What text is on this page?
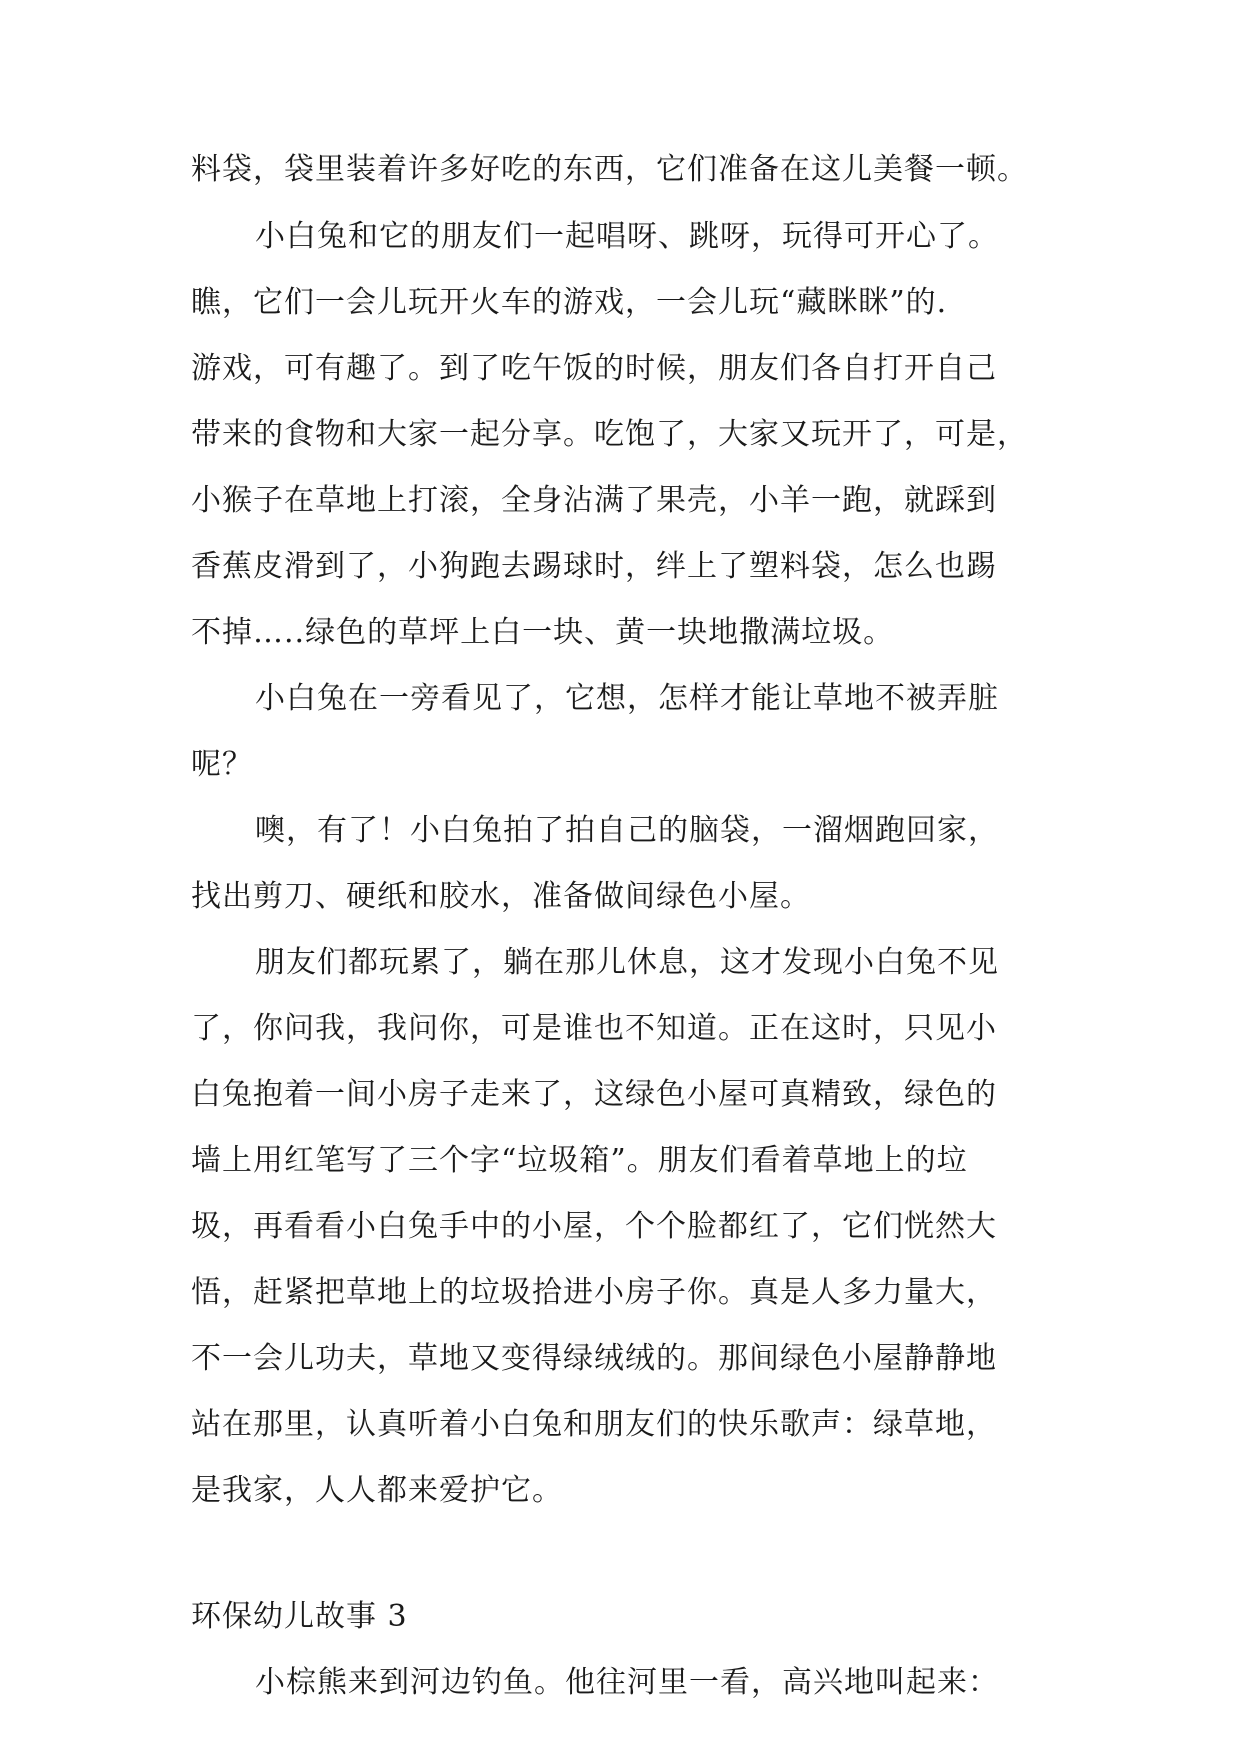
料袋，袋里装着许多好吃的东西，它们准备在这儿美餐一顿。
小白兔和它的朋友们一起唱呀、跳呀，玩得可开心了。
瞧，它们一会儿玩开火车的游戏，一会儿玩“藏眯眯”的.
游戏，可有趣了。到了吃午饭的时候，朋友们各自打开自己
带来的食物和大家一起分享。吃饱了，大家又玩开了，可是，
小猴子在草地上打滚，全身沾满了果壳，小羊一跑，就踩到
香蕉皮滑到了，小狗跑去踢球时，绊上了塑料袋，怎么也踢
不掉…..绿色的草坪上白一块、黄一块地撒满垃圾。
小白兔在一旁看见了，它想，怎样才能让草地不被弄脏
呢？
噢，有了！小白兔拍了拍自己的脑袋，一溜烟跑回家，
找出剪刀、硬纸和胶水，准备做间绿色小屋。
朋友们都玩累了，躺在那儿休息，这才发现小白兔不见
了，你问我，我问你，可是谁也不知道。正在这时，只见小
白兔抱着一间小房子走来了，这绿色小屋可真精致，绿色的
墙上用红笔写了三个字“垃圾箱”。朋友们看着草地上的垃
圾，再看看小白兔手中的小屋，个个脸都红了，它们恍然大
悟，赶紧把草地上的垃圾拾进小房子你。真是人多力量大，
不一会儿功夫，草地又变得绿绒绒的。那间绿色小屋静静地
站在那里，认真听着小白兔和朋友们的快乐歌声：绿草地，
是我家，人人都来爱护它。
环保幼儿故事 3
小棕熊来到河边钓鱼。他往河里一看，高兴地叫起来：
